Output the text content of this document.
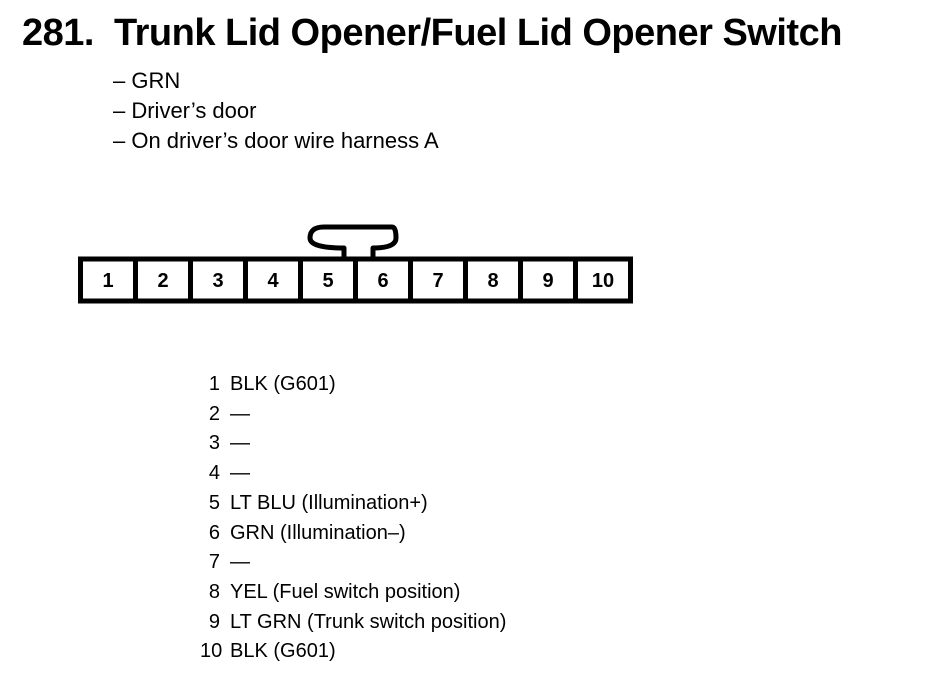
281. Trunk Lid Opener/Fuel Lid Opener Switch
– GRN
– Driver’s door
– On driver’s door wire harness A
1 2 3 4 5 6 7 8 9 10
1 BLK (G601)
2 —
3 —
4 —
5 LT BLU (Illumination+)
6 GRN (Illumination–)
7 —
8 YEL (Fuel switch position)
9 LT GRN (Trunk switch position)
10 BLK (G601)
